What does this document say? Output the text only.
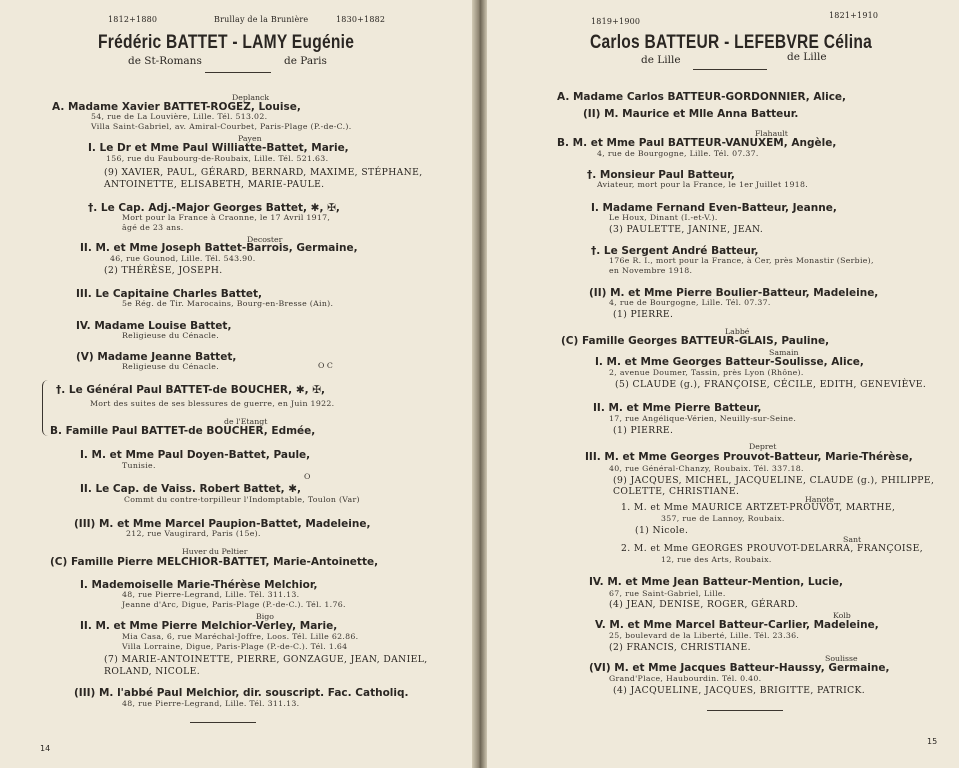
1812+1880	Brullay de la Brunière	1830+1882
Frédéric BATTET - LAMY Eugénie
de St-Romans	de Paris
Deplanck
A. Madame Xavier BATTET-ROGEZ, Louise,
54, rue de La Louvière, Lille. Tél. 513.02.
Villa Saint-Gabriel, av. Amiral-Courbet, Paris-Plage (P.-de-C.).
Payen
I. Le Dr et Mme Paul Williatte-Battet, Marie,
156, rue du Faubourg-de-Roubaix, Lille. Tél. 521.63.
(9) XAVIER, PAUL, GÉRARD, BERNARD, MAXIME, STÉPHANE,
ANTOINETTE, ELISABETH, MARIE-PAULE.
†. Le Cap. Adj.-Major Georges Battet, ✱, ✠,
Mort pour la France à Craonne, le 17 Avril 1917,
âgé de 23 ans.
Decoster
II. M. et Mme Joseph Battet-Barrois, Germaine,
46, rue Gounod, Lille. Tél. 543.90.
(2) THÉRÈSE, JOSEPH.
III. Le Capitaine Charles Battet,
5e Rég. de Tir. Marocains, Bourg-en-Bresse (Ain).
IV. Madame Louise Battet,
Religieuse du Cénacle.
(V) Madame Jeanne Battet,
Religieuse du Cénacle.	O C
†. Le Général Paul BATTET-de BOUCHER, ✱, ✠,
Mort des suites de ses blessures de guerre, en Juin 1922.
de l'Etangt
B. Famille Paul BATTET-de BOUCHER, Edmée,
I. M. et Mme Paul Doyen-Battet, Paule,
Tunisie.
O
II. Le Cap. de Vaiss. Robert Battet, ✱,
Commt du contre-torpilleur l'Indomptable, Toulon (Var)
(III) M. et Mme Marcel Paupion-Battet, Madeleine,
212, rue Vaugirard, Paris (15e).
Huver du Peltier
(C) Famille Pierre MELCHIOR-BATTET, Marie-Antoinette,
I. Mademoiselle Marie-Thérèse Melchior,
48, rue Pierre-Legrand, Lille. Tél. 311.13.
Jeanne d'Arc, Digue, Paris-Plage (P.-de-C.). Tél. 1.76.
Bigo
II. M. et Mme Pierre Melchior-Verley, Marie,
Mia Casa, 6, rue Maréchal-Joffre, Loos. Tél. Lille 62.86.
Villa Lorraine, Digue, Paris-Plage (P.-de-C.). Tél. 1.64
(7) MARIE-ANTOINETTE, PIERRE, GONZAGUE, JEAN, DANIEL,
ROLAND, NICOLE.
(III) M. l'abbé Paul Melchior, dir. souscript. Fac. Catholiq.
48, rue Pierre-Legrand, Lille. Tél. 311.13.
14
1819+1900
1821+1910
Carlos BATTEUR - LEFEBVRE Célina
de Lille	de Lille
A. Madame Carlos BATTEUR-GORDONNIER, Alice,
(II) M. Maurice et Mlle Anna Batteur.
Flahault
B. M. et Mme Paul BATTEUR-VANUXEM, Angèle,
4, rue de Bourgogne, Lille. Tél. 07.37.
†. Monsieur Paul Batteur,
Aviateur, mort pour la France, le 1er Juillet 1918.
I. Madame Fernand Even-Batteur, Jeanne,
Le Houx, Dinant (I.-et-V.).
(3) PAULETTE, JANINE, JEAN.
†. Le Sergent André Batteur,
176e R. I., mort pour la France, à Cer, près Monastir (Serbie),
en Novembre 1918.
(II) M. et Mme Pierre Boulier-Batteur, Madeleine,
4, rue de Bourgogne, Lille. Tél. 07.37.
(1) PIERRE.
Labbé
(C) Famille Georges BATTEUR-GLAIS, Pauline,
Samain
I. M. et Mme Georges Batteur-Soulisse, Alice,
2, avenue Doumer, Tassin, près Lyon (Rhône).
(5) CLAUDE (g.), FRANÇOISE, CÉCILE, EDITH, GENEVIÈVE.
II. M. et Mme Pierre Batteur,
17, rue Angélique-Vérien, Neuilly-sur-Seine.
(1) PIERRE.
Depret
III. M. et Mme Georges Prouvot-Batteur, Marie-Thérèse,
40, rue Général-Chanzy, Roubaix. Tél. 337.18.
(9) JACQUES, MICHEL, JACQUELINE, CLAUDE (g.), PHILIPPE,
COLETTE, CHRISTIANE.
Hanote
1. M. et Mme MAURICE ARTZET-PROUVOT, MARTHE,
357, rue de Lannoy, Roubaix.
(1) Nicole.
Sant
2. M. et Mme GEORGES PROUVOT-DELARRA, FRANÇOISE,
12, rue des Arts, Roubaix.
IV. M. et Mme Jean Batteur-Mention, Lucie,
67, rue Saint-Gabriel, Lille.
(4) JEAN, DENISE, ROGER, GÉRARD.
Kolb
V. M. et Mme Marcel Batteur-Carlier, Madeleine,
25, boulevard de la Liberté, Lille. Tél. 23.36.
(2) FRANCIS, CHRISTIANE.
Soulisse
(VI) M. et Mme Jacques Batteur-Haussy, Germaine,
Grand'Place, Haubourdin. Tél. 0.40.
(4) JACQUELINE, JACQUES, BRIGITTE, PATRICK.
15
